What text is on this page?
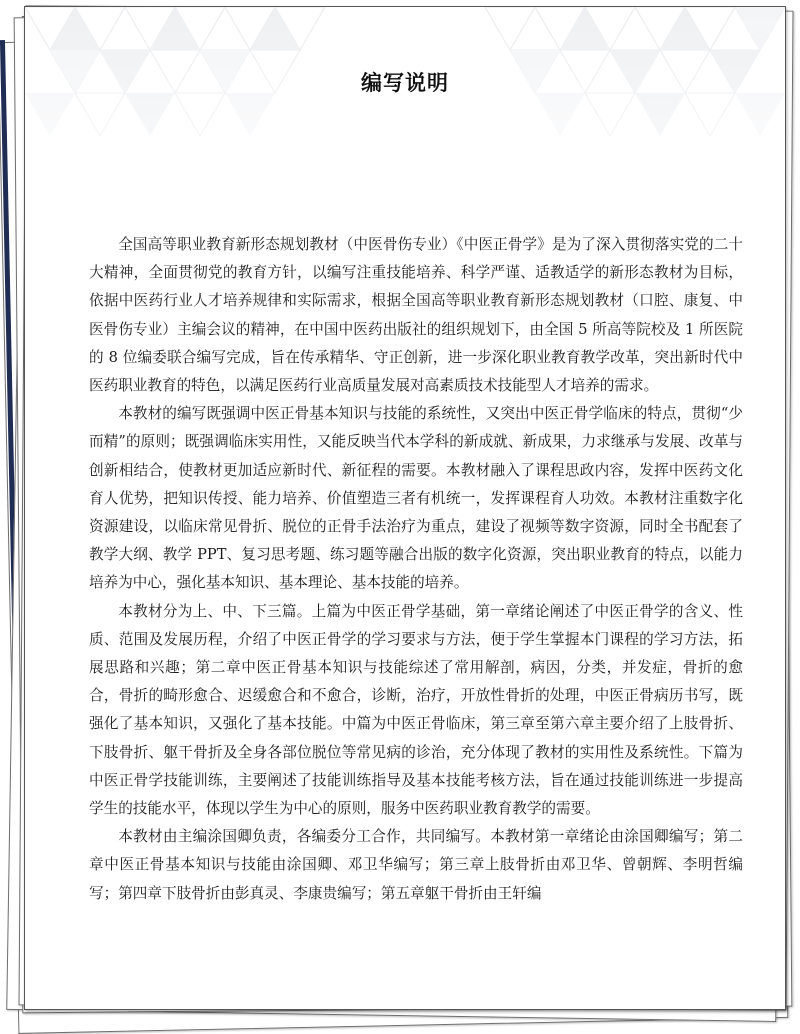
编写说明

全国高等职业教育新形态规划教材（中医骨伤专业）《中医正骨学》是为了深入贯彻落实党的二十大精神，全面贯彻党的教育方针，以编写注重技能培养、科学严谨、适教适学的新形态教材为目标，依据中医药行业人才培养规律和实际需求，根据全国高等职业教育新形态规划教材（口腔、康复、中医骨伤专业）主编会议的精神，在中国中医药出版社的组织规划下，由全国 5 所高等院校及 1 所医院的 8 位编委联合编写完成，旨在传承精华、守正创新，进一步深化职业教育教学改革，突出新时代中医药职业教育的特色，以满足医药行业高质量发展对高素质技术技能型人才培养的需求。

本教材的编写既强调中医正骨基本知识与技能的系统性，又突出中医正骨学临床的特点，贯彻“少而精”的原则；既强调临床实用性，又能反映当代本学科的新成就、新成果，力求继承与发展、改革与创新相结合，使教材更加适应新时代、新征程的需要。本教材融入了课程思政内容，发挥中医药文化育人优势，把知识传授、能力培养、价值塑造三者有机统一，发挥课程育人功效。本教材注重数字化资源建设，以临床常见骨折、脱位的正骨手法治疗为重点，建设了视频等数字资源，同时全书配套了教学大纲、教学 PPT、复习思考题、练习题等融合出版的数字化资源，突出职业教育的特点，以能力培养为中心，强化基本知识、基本理论、基本技能的培养。

本教材分为上、中、下三篇。上篇为中医正骨学基础，第一章绪论阐述了中医正骨学的含义、性质、范围及发展历程，介绍了中医正骨学的学习要求与方法，便于学生掌握本门课程的学习方法，拓展思路和兴趣；第二章中医正骨基本知识与技能综述了常用解剖，病因，分类，并发症，骨折的愈合，骨折的畸形愈合、迟缓愈合和不愈合，诊断，治疗，开放性骨折的处理，中医正骨病历书写，既强化了基本知识，又强化了基本技能。中篇为中医正骨临床，第三章至第六章主要介绍了上肢骨折、下肢骨折、躯干骨折及全身各部位脱位等常见病的诊治，充分体现了教材的实用性及系统性。下篇为中医正骨学技能训练，主要阐述了技能训练指导及基本技能考核方法，旨在通过技能训练进一步提高学生的技能水平，体现以学生为中心的原则，服务中医药职业教育教学的需要。

本教材由主编涂国卿负责，各编委分工合作，共同编写。本教材第一章绪论由涂国卿编写；第二章中医正骨基本知识与技能由涂国卿、邓卫华编写；第三章上肢骨折由邓卫华、曾朝辉、李明哲编写；第四章下肢骨折由彭真灵、李康贵编写；第五章躯干骨折由王轩编
